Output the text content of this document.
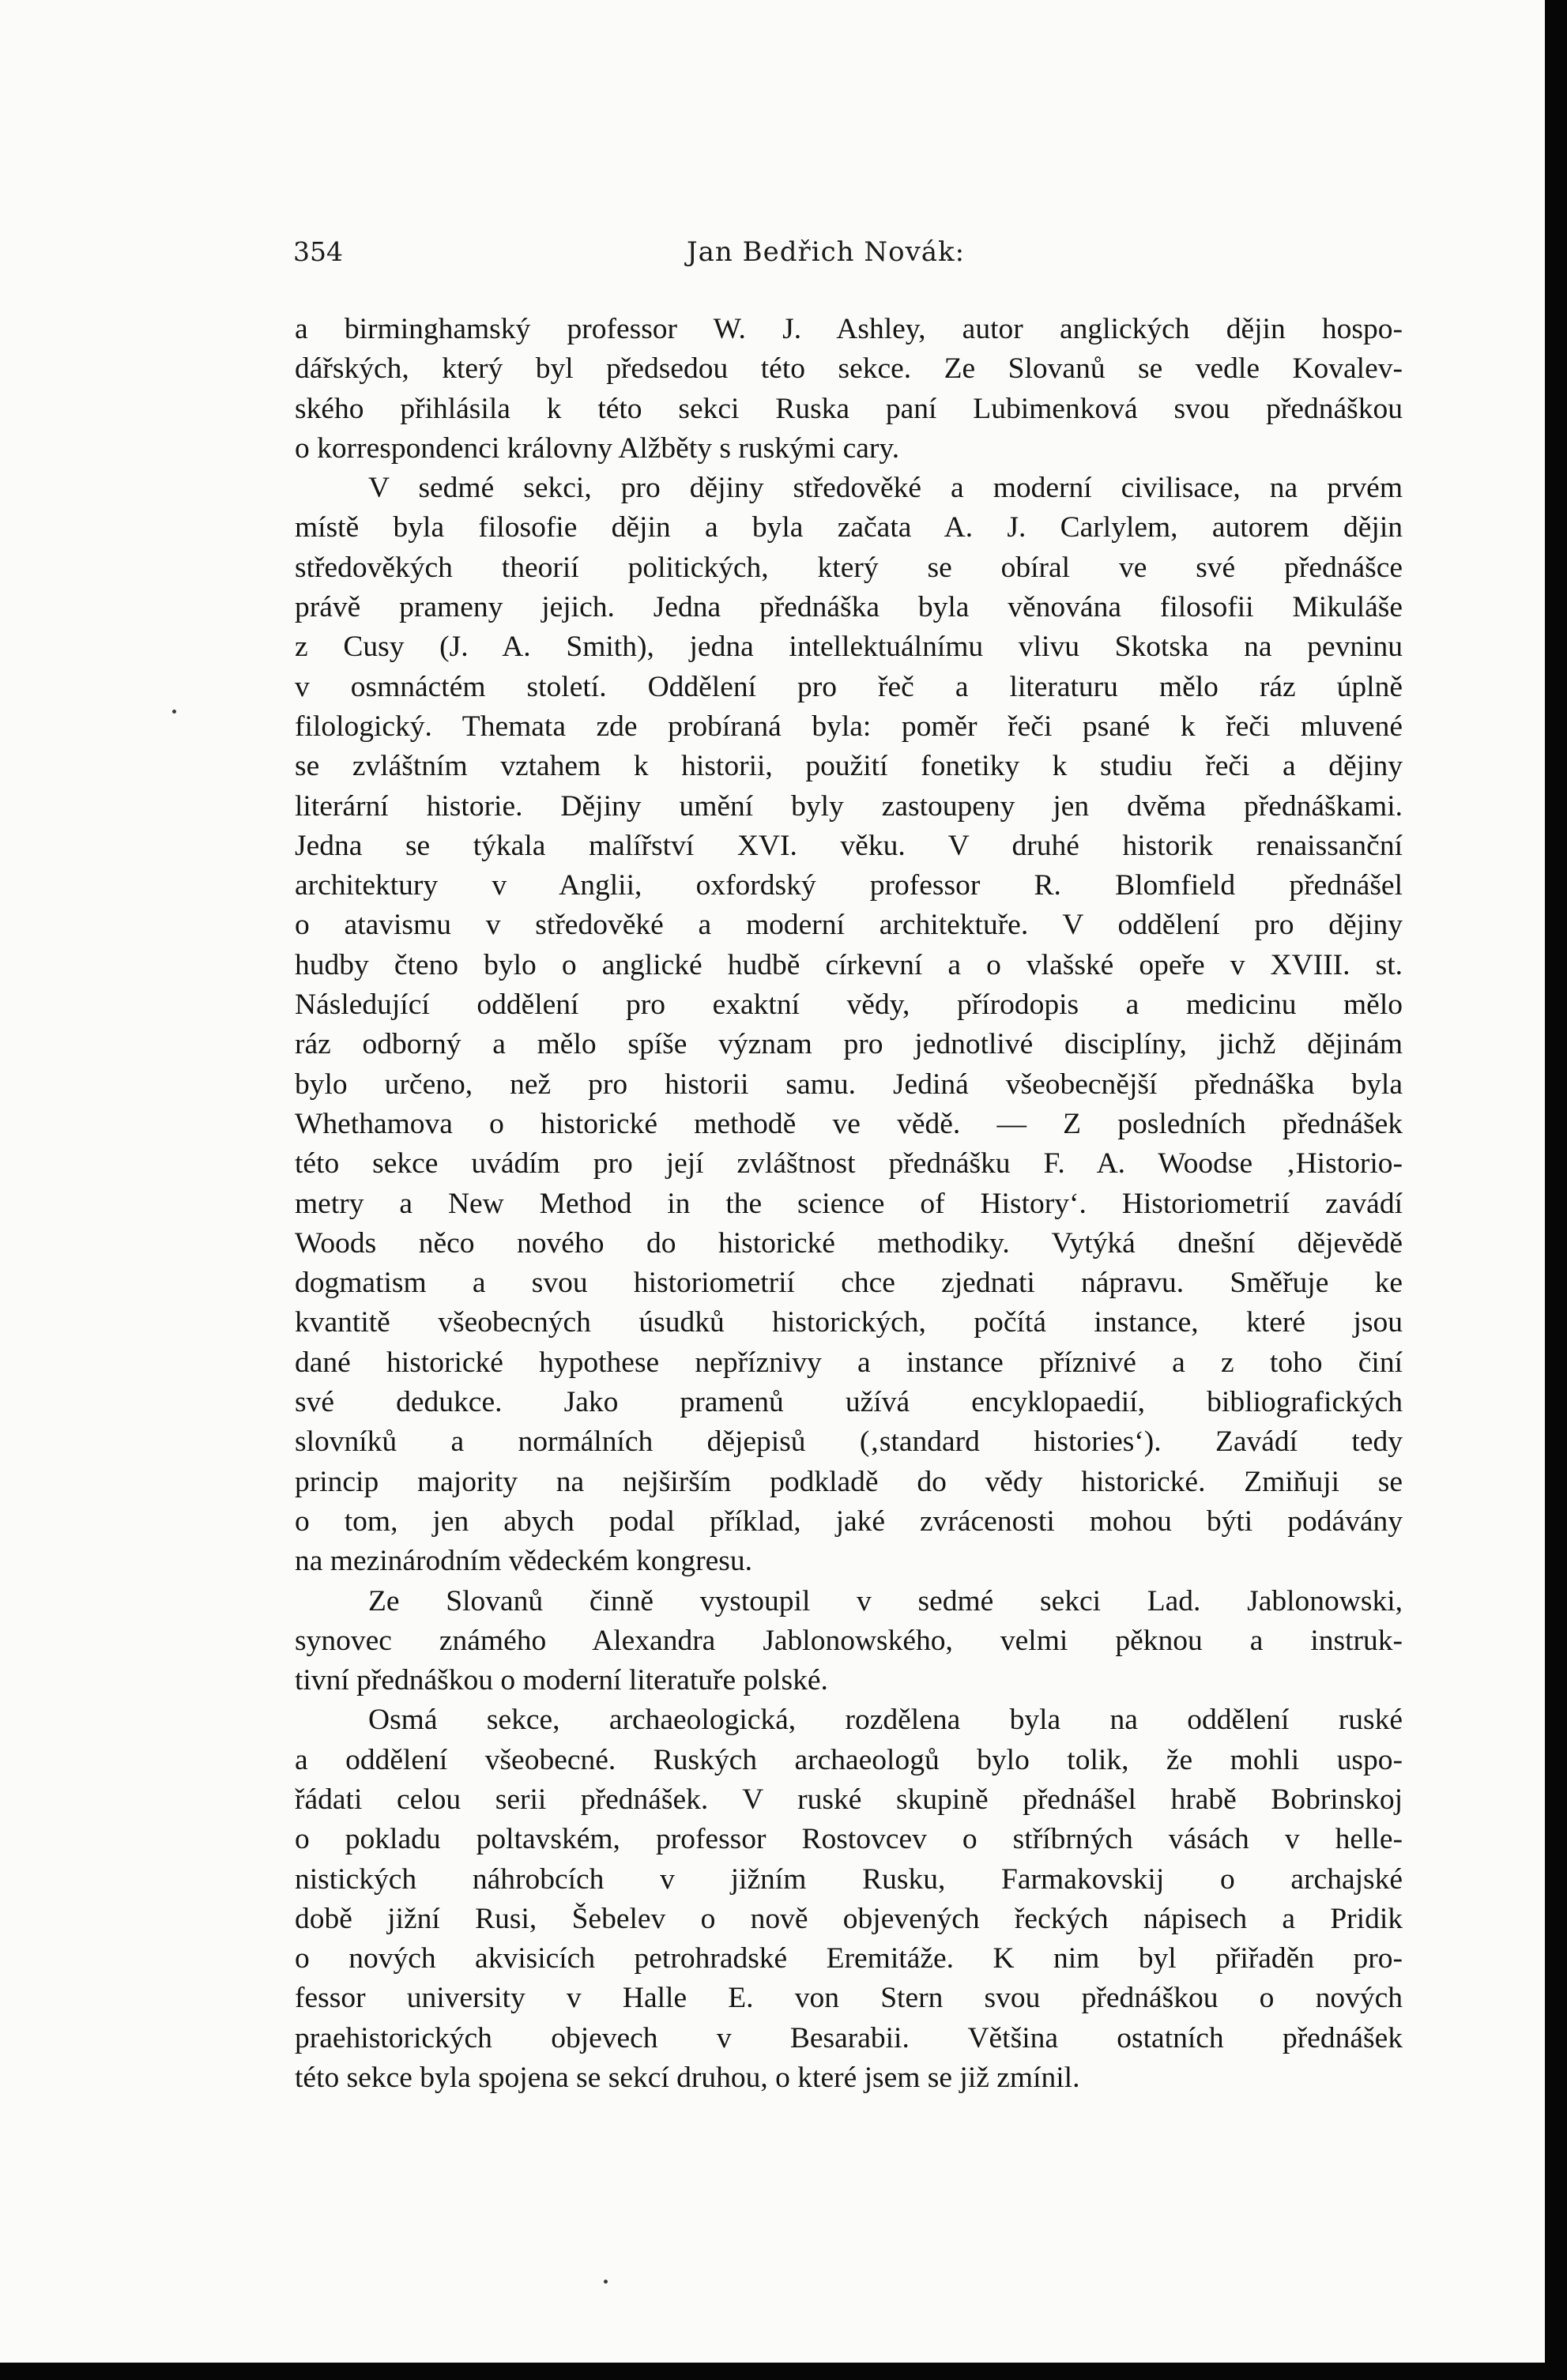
354	Jan Bedřich Novák:

a birminghamský professor W. J. Ashley, autor anglických dějin hospo-

dářských, který byl předsedou této sekce. Ze Slovanů se vedle Kovalev-

ského přihlásila k této sekci Ruska paní Lubimenková svou přednáškou

o korrespondenci královny Alžběty s ruskými cary.

V sedmé sekci, pro dějiny středověké a moderní civilisace, na prvém

místě byla filosofie dějin a byla začata A. J. Carlylem, autorem dějin

středověkých theorií politických, který se obíral ve své přednášce

právě prameny jejich. Jedna přednáška byla věnována filosofii Mikuláše

z Cusy (J. A. Smith), jedna intellektuálnímu vlivu Skotska na pevninu

v osmnáctém století. Oddělení pro řeč a literaturu mělo ráz úplně

filologický. Themata zde probíraná byla: poměr řeči psané k řeči mluvené

se zvláštním vztahem k historii, použití fonetiky k studiu řeči a dějiny

literární historie. Dějiny umění byly zastoupeny jen dvěma přednáškami.

Jedna se týkala malířství XVI. věku. V druhé historik renaissanční

architektury v Anglii, oxfordský professor R. Blomfield přednášel

o atavismu v středověké a moderní architektuře. V oddělení pro dějiny

hudby čteno bylo o anglické hudbě církevní a o vlašské opeře v XVIII. st.

Následující oddělení pro exaktní vědy, přírodopis a medicinu mělo

ráz odborný a mělo spíše význam pro jednotlivé disciplíny, jichž dějinám

bylo určeno, než pro historii samu. Jediná všeobecnější přednáška byla

Whethamova o historické methodě ve vědě. — Z posledních přednášek

této sekce uvádím pro její zvláštnost přednášku F. A. Woodse ‚Historio-

metry a New Method in the science of History‘. Historiometrií zavádí

Woods něco nového do historické methodiky. Vytýká dnešní dějevědě

dogmatism a svou historiometrií chce zjednati nápravu. Směřuje ke

kvantitě všeobecných úsudků historických, počítá instance, které jsou

dané historické hypothese nepříznivy a instance příznivé a z toho činí

své dedukce. Jako pramenů užívá encyklopaedií, bibliografických

slovníků a normálních dějepisů (‚standard histories‘). Zavádí tedy

princip majority na nejširším podkladě do vědy historické. Zmiňuji se

o tom, jen abych podal příklad, jaké zvrácenosti mohou býti podávány

na mezinárodním vědeckém kongresu.

Ze Slovanů činně vystoupil v sedmé sekci Lad. Jablonowski,

synovec známého Alexandra Jablonowského, velmi pěknou a instruk-

tivní přednáškou o moderní literatuře polské.

Osmá sekce, archaeologická, rozdělena byla na oddělení ruské

a oddělení všeobecné. Ruských archaeologů bylo tolik, že mohli uspo-

řádati celou serii přednášek. V ruské skupině přednášel hrabě Bobrinskoj

o pokladu poltavském, professor Rostovcev o stříbrných vásách v helle-

nistických náhrobcích v jižním Rusku, Farmakovskij o archajské

době jižní Rusi, Šebelev o nově objevených řeckých nápisech a Pridik

o nových akvisicích petrohradské Eremitáže. K nim byl přiřaděn pro-

fessor university v Halle E. von Stern svou přednáškou o nových

praehistorických objevech v Besarabii. Většina ostatních přednášek

této sekce byla spojena se sekcí druhou, o které jsem se již zmínil.
